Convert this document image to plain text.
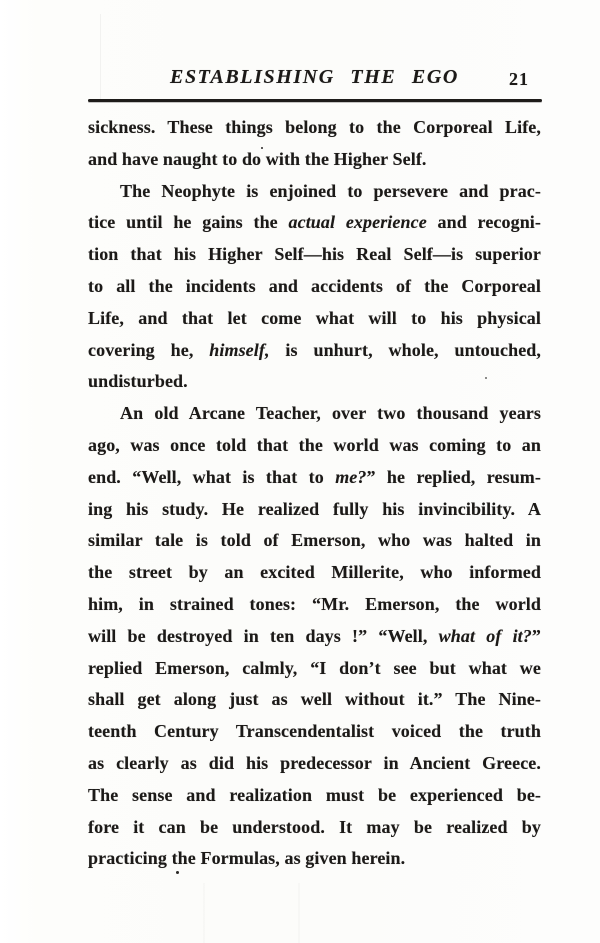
ESTABLISHING THE EGO	21
sickness. These things belong to the Corporeal Life,
and have naught to do with the Higher Self.
The Neophyte is enjoined to persevere and prac-
tice until he gains the actual experience and recogni-
tion that his Higher Self—his Real Self—is superior
to all the incidents and accidents of the Corporeal
Life, and that let come what will to his physical
covering he, himself, is unhurt, whole, untouched,
undisturbed.
An old Arcane Teacher, over two thousand years
ago, was once told that the world was coming to an
end. “Well, what is that to me?” he replied, resum-
ing his study. He realized fully his invincibility. A
similar tale is told of Emerson, who was halted in
the street by an excited Millerite, who informed
him, in strained tones: “Mr. Emerson, the world
will be destroyed in ten days !” “Well, what of it?”
replied Emerson, calmly, “I don’t see but what we
shall get along just as well without it.” The Nine-
teenth Century Transcendentalist voiced the truth
as clearly as did his predecessor in Ancient Greece.
The sense and realization must be experienced be-
fore it can be understood. It may be realized by
practicing the Formulas, as given herein.
